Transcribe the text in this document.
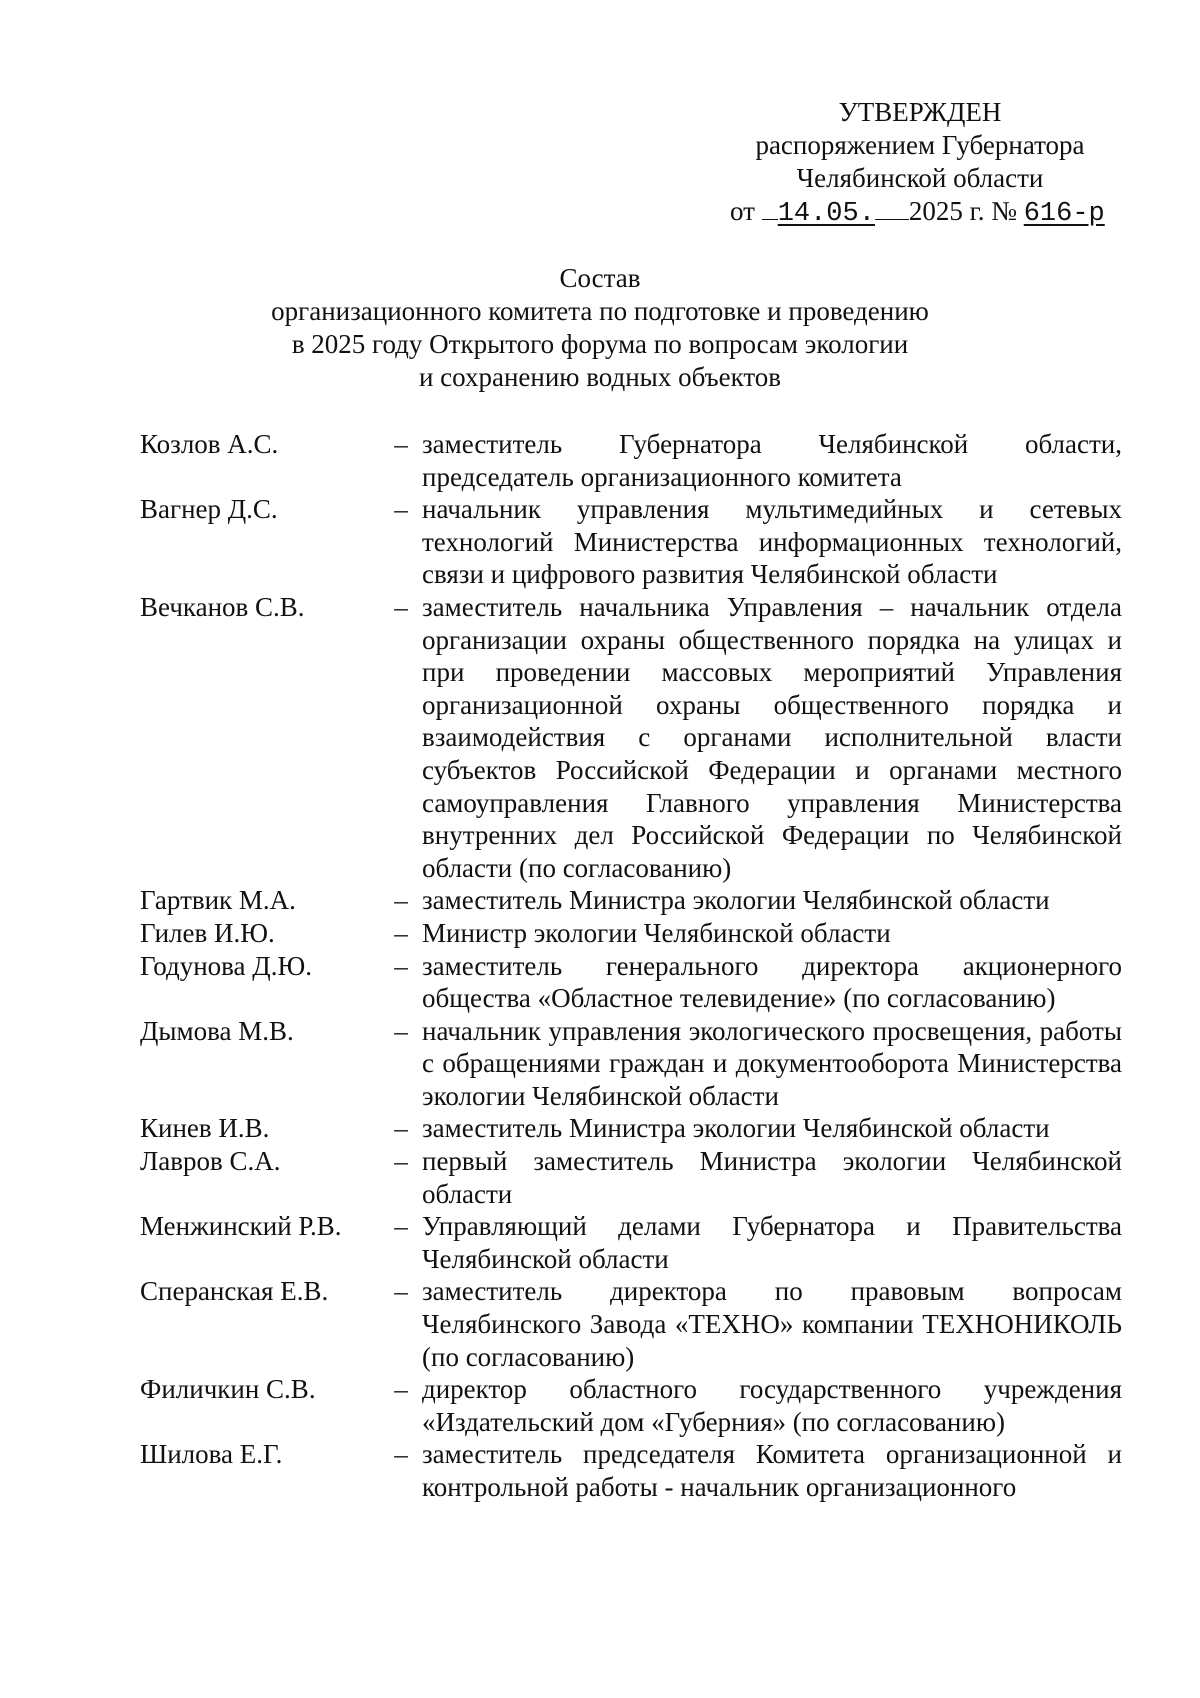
УТВЕРЖДЕН
распоряжением Губернатора
Челябинской области
от 14.05. 2025 г. № 616-р
Состав
организационного комитета по подготовке и проведению
в 2025 году Открытого форума по вопросам экологии
и сохранению водных объектов
Козлов А.С.	– заместитель Губернатора Челябинской области, председатель организационного комитета
Вагнер Д.С.	– начальник управления мультимедийных и сетевых технологий Министерства информационных технологий, связи и цифрового развития Челябинской области
Вечканов С.В.	– заместитель начальника Управления – начальник отдела организации охраны общественного порядка на улицах и при проведении массовых мероприятий Управления организационной охраны общественного порядка и взаимодействия с органами исполнительной власти субъектов Российской Федерации и органами местного самоуправления Главного управления Министерства внутренних дел Российской Федерации по Челябинской области (по согласованию)
Гартвик М.А.	– заместитель Министра экологии Челябинской области
Гилев И.Ю.	– Министр экологии Челябинской области
Годунова Д.Ю.	– заместитель генерального директора акционерного общества «Областное телевидение» (по согласованию)
Дымова М.В.	– начальник управления экологического просвещения, работы с обращениями граждан и документооборота Министерства экологии Челябинской области
Кинев И.В.	– заместитель Министра экологии Челябинской области
Лавров С.А.	– первый заместитель Министра экологии Челябинской области
Менжинский Р.В.	– Управляющий делами Губернатора и Правительства Челябинской области
Сперанская Е.В.	– заместитель директора по правовым вопросам Челябинского Завода «ТЕХНО» компании ТЕХНОНИКОЛЬ (по согласованию)
Филичкин С.В.	– директор областного государственного учреждения «Издательский дом «Губерния» (по согласованию)
Шилова Е.Г.	– заместитель председателя Комитета организационной и контрольной работы - начальник организационного
